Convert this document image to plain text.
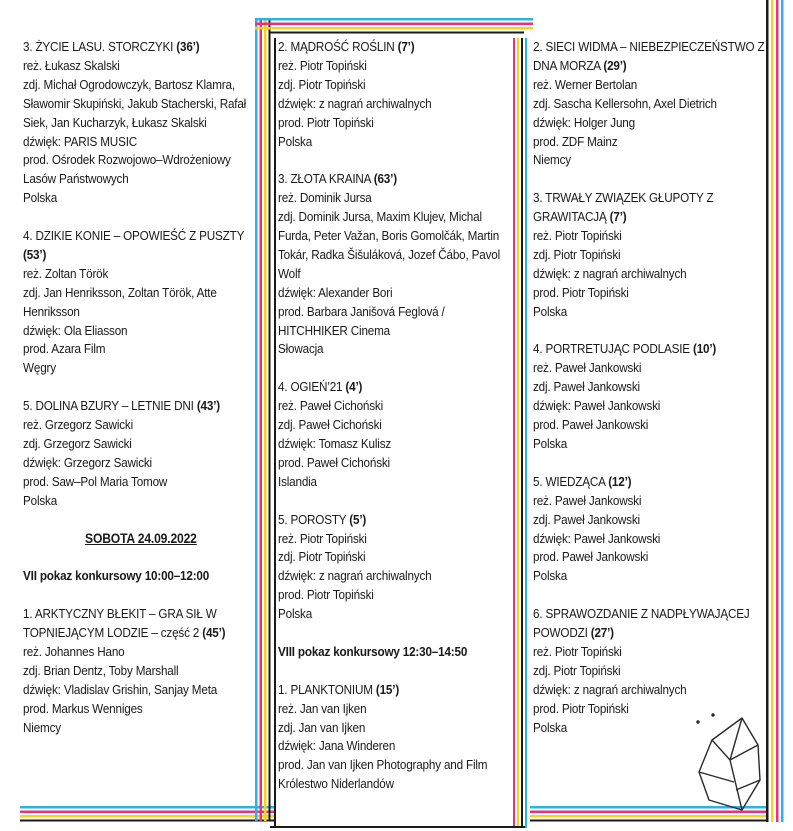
3. ŻYCIE LASU. STORCZYKI (36’)
reż. Łukasz Skalski
zdj. Michał Ogrodowczyk, Bartosz Klamra, Sławomir Skupiński, Jakub Stacherski, Rafał Siek, Jan Kucharzyk, Łukasz Skalski
dźwięk: PARIS MUSIC
prod. Ośrodek Rozwojowo–Wdrożeniowy Lasów Państwowych
Polska
4. DZIKIE KONIE – OPOWIEŚĆ Z PUSZTY (53’)
reż. Zoltan Török
zdj. Jan Henriksson, Zoltan Török, Atte Henriksson
dźwięk: Ola Eliasson
prod. Azara Film
Węgry
5. DOLINA BZURY – LETNIE DNI (43’)
reż. Grzegorz Sawicki
zdj. Grzegorz Sawicki
dźwięk: Grzegorz Sawicki
prod. Saw–Pol Maria Tomow
Polska
SOBOTA 24.09.2022
VII pokaz konkursowy 10:00–12:00
1. ARKTYCZNY BŁEKIT – GRA SIŁ W TOPNIEJĄCYM LODZIE – część 2 (45’)
reż. Johannes Hano
zdj. Brian Dentz, Toby Marshall
dźwięk: Vladislav Grishin, Sanjay Meta
prod. Markus Wenniges
Niemcy
2. MĄDROŚĆ ROŚLIN (7’)
reż. Piotr Topiński
zdj. Piotr Topiński
dźwięk: z nagrań archiwalnych
prod. Piotr Topiński
Polska
3. ZŁOTA KRAINA (63’)
reż. Dominik Jursa
zdj. Dominik Jursa, Maxim Klujev, Michal Furda, Peter Važan, Boris Gomolčák, Martin Tokár, Radka Šišuláková, Jozef Čábo, Pavol Wolf
dźwięk: Alexander Bori
prod. Barbara Janišová Feglová / HITCHHIKER Cinema
Słowacja
4. OGIEŃ’21 (4’)
reż. Paweł Cichoński
zdj. Paweł Cichoński
dźwięk: Tomasz Kulisz
prod. Paweł Cichoński
Islandia
5. POROSTY (5’)
reż. Piotr Topiński
zdj. Piotr Topiński
dźwięk: z nagrań archiwalnych
prod. Piotr Topiński
Polska
VIII pokaz konkursowy 12:30–14:50
1. PLANKTONIUM (15’)
reż. Jan van Ijken
zdj. Jan van Ijken
dźwięk: Jana Winderen
prod. Jan van Ijken Photography and Film
Królestwo Niderlandów
2. SIECI WIDMA – NIEBEZPIECZEŃSTWO Z DNA MORZA (29’)
reż. Werner Bertolan
zdj. Sascha Kellersohn, Axel Dietrich
dźwięk: Holger Jung
prod. ZDF Mainz
Niemcy
3. TRWAŁY ZWIĄZEK GŁUPOTY Z GRAWITACJĄ (7’)
reż. Piotr Topiński
zdj. Piotr Topiński
dźwięk: z nagrań archiwalnych
prod. Piotr Topiński
Polska
4. PORTRETUJĄC PODLASIE (10’)
reż. Paweł Jankowski
zdj. Paweł Jankowski
dźwięk: Paweł Jankowski
prod. Paweł Jankowski
Polska
5. WIEDZĄCA (12’)
reż. Paweł Jankowski
zdj. Paweł Jankowski
dźwięk: Paweł Jankowski
prod. Paweł Jankowski
Polska
6. SPRAWOZDANIE Z NADPŁYWAJĄCEJ POWODZI (27’)
reż. Piotr Topiński
zdj. Piotr Topiński
dźwięk: z nagrań archiwalnych
prod. Piotr Topiński
Polska
